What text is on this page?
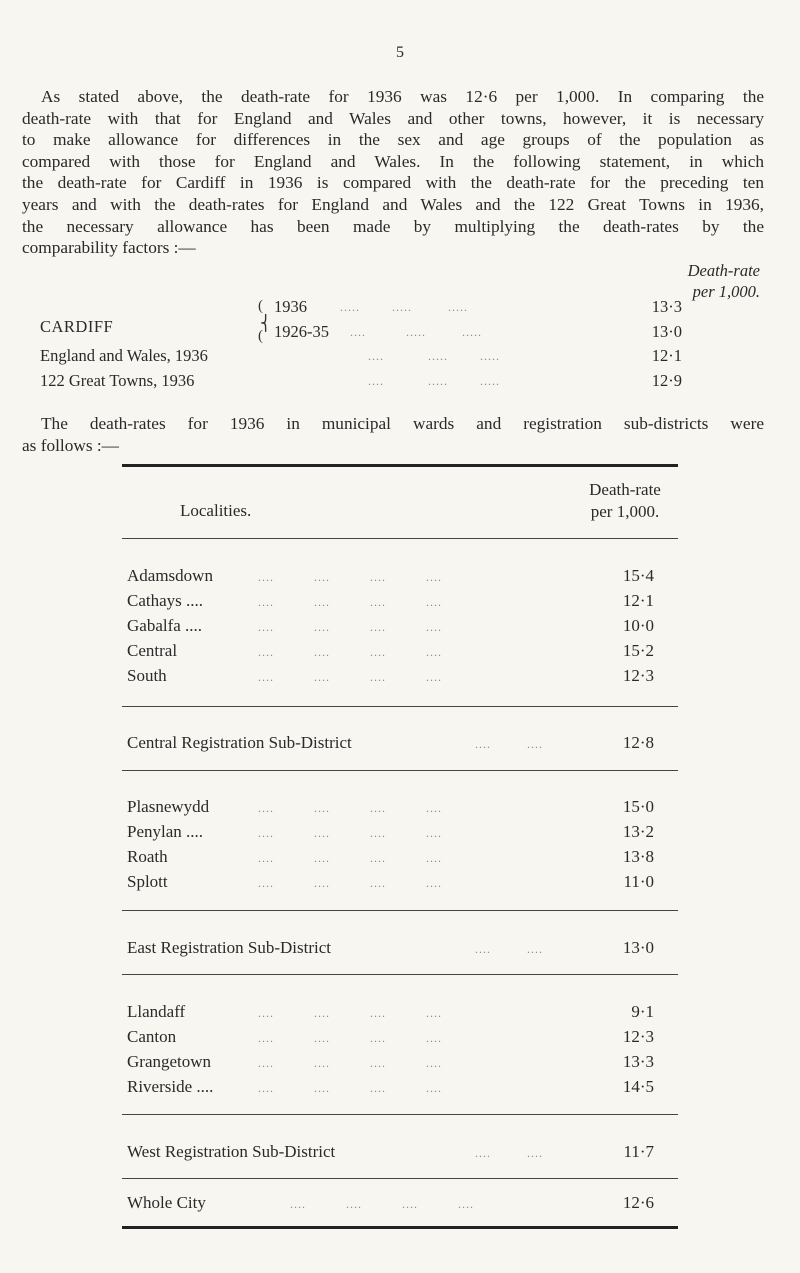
5
As stated above, the death-rate for 1936 was 12·6 per 1,000. In comparing the
death-rate with that for England and Wales and other towns, however, it is necessary
to make allowance for differences in the sex and age groups of the population as
compared with those for England and Wales. In the following statement, in which
the death-rate for Cardiff in 1936 is compared with the death-rate for the preceding ten
years and with the death-rates for England and Wales and the 122 Great Towns in 1936,
the necessary allowance has been made by multiplying the death-rates by the
comparability factors :—
Death-rate
per 1,000.
CARDIFF
(
⎨
(
1936	.....        .....         .....	13·3
1926-35 ....          .....         .....	13·0
England and Wales, 1936	....           .....        .....	12·1
122 Great Towns, 1936	....           .....        .....	12·9
The death-rates for 1936 in municipal wards and registration sub-districts were
as follows :—
Localities.
Death-rate
per 1,000.
Adamsdown	....          ....          ....          ....	15·4
Cathays ....	....          ....          ....          ....	12·1
Gabalfa ....	....          ....          ....          ....	10·0
Central	....          ....          ....          ....	15·2
South	....          ....          ....          ....	12·3
Central Registration Sub-District	....         ....	12·8
Plasnewydd	....          ....          ....          ....	15·0
Penylan ....	....          ....          ....          ....	13·2
Roath	....          ....          ....          ....	13·8
Splott	....          ....          ....          ....	11·0
East Registration Sub-District	....         ....	13·0
Llandaff	....          ....          ....          ....	9·1
Canton	....          ....          ....          ....	12·3
Grangetown	....          ....          ....          ....	13·3
Riverside ....	....          ....          ....          ....	14·5
West Registration Sub-District	....         ....	11·7
Whole City	....          ....          ....          ....	12·6
